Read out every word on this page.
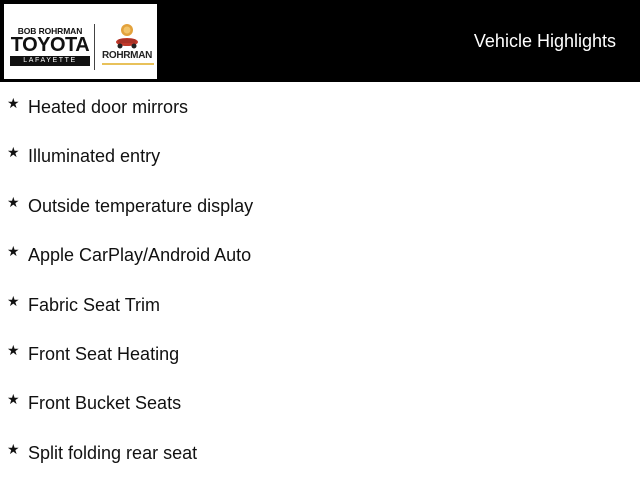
BOB ROHRMAN
TOYOTA
LAFAYETTE	ROHRMAN
Vehicle Highlights
★ Heated door mirrors
★ Illuminated entry
★ Outside temperature display
★ Apple CarPlay/Android Auto
★ Fabric Seat Trim
★ Front Seat Heating
★ Front Bucket Seats
★ Split folding rear seat
